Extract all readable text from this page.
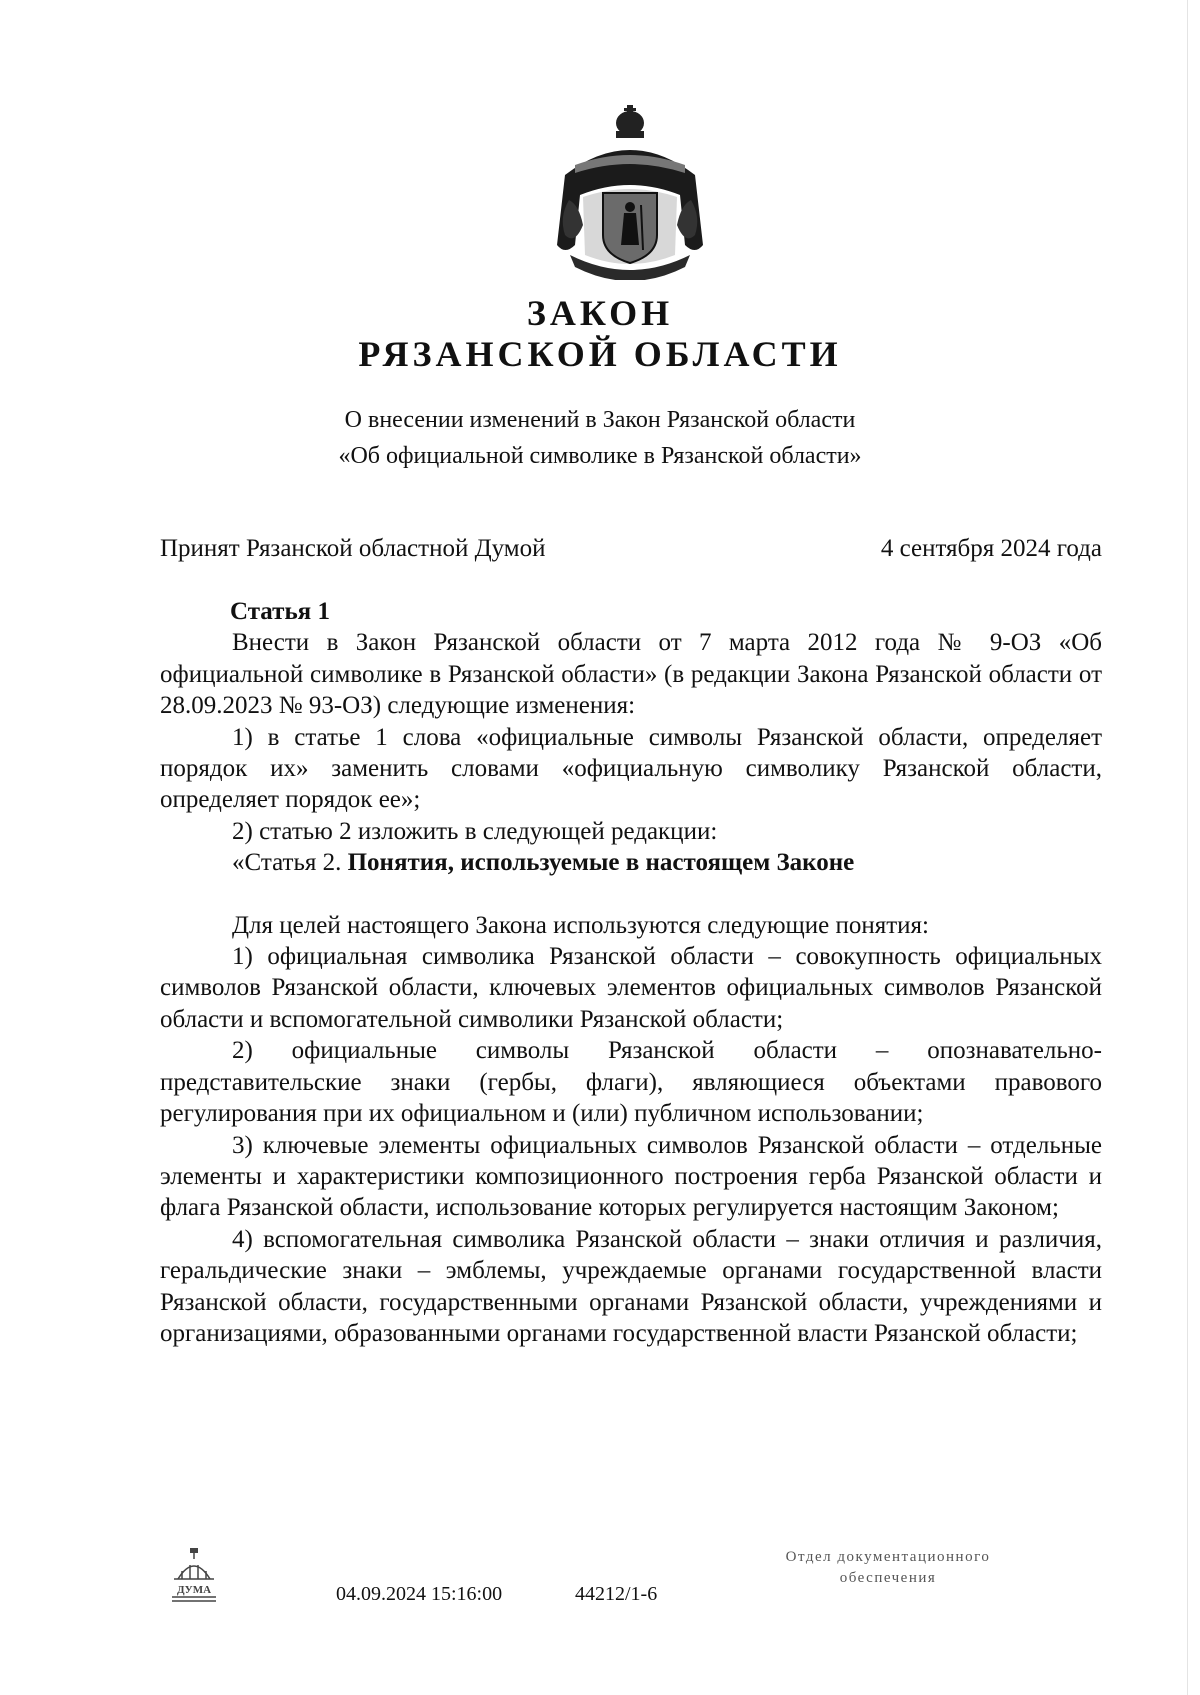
ЗАКОН
РЯЗАНСКОЙ ОБЛАСТИ
О внесении изменений в Закон Рязанской области
«Об официальной символике в Рязанской области»
Принят Рязанской областной Думой	4 сентября 2024 года

Статья 1

Внести в Закон Рязанской области от 7 марта 2012 года № 9-ОЗ «Об официальной символике в Рязанской области» (в редакции Закона Рязанской области от 28.09.2023 № 93-ОЗ) следующие изменения:

1) в статье 1 слова «официальные символы Рязанской области, определяет порядок их» заменить словами «официальную символику Рязанской области, определяет порядок ее»;

2) статью 2 изложить в следующей редакции:

«Статья 2. Понятия, используемые в настоящем Законе

Для целей настоящего Закона используются следующие понятия:

1) официальная символика Рязанской области – совокупность официальных символов Рязанской области, ключевых элементов официальных символов Рязанской области и вспомогательной символики Рязанской области;

2) официальные символы Рязанской области – опознавательно-представительские знаки (гербы, флаги), являющиеся объектами правового регулирования при их официальном и (или) публичном использовании;

3) ключевые элементы официальных символов Рязанской области – отдельные элементы и характеристики композиционного построения герба Рязанской области и флага Рязанской области, использование которых регулируется настоящим Законом;

4) вспомогательная символика Рязанской области – знаки отличия и различия, геральдические знаки – эмблемы, учреждаемые органами государственной власти Рязанской области, государственными органами Рязанской области, учреждениями и организациями, образованными органами государственной власти Рязанской области;

ДУМА	04.09.2024 15:16:00	44212/1-6
Отдел документационного
обеспечения
